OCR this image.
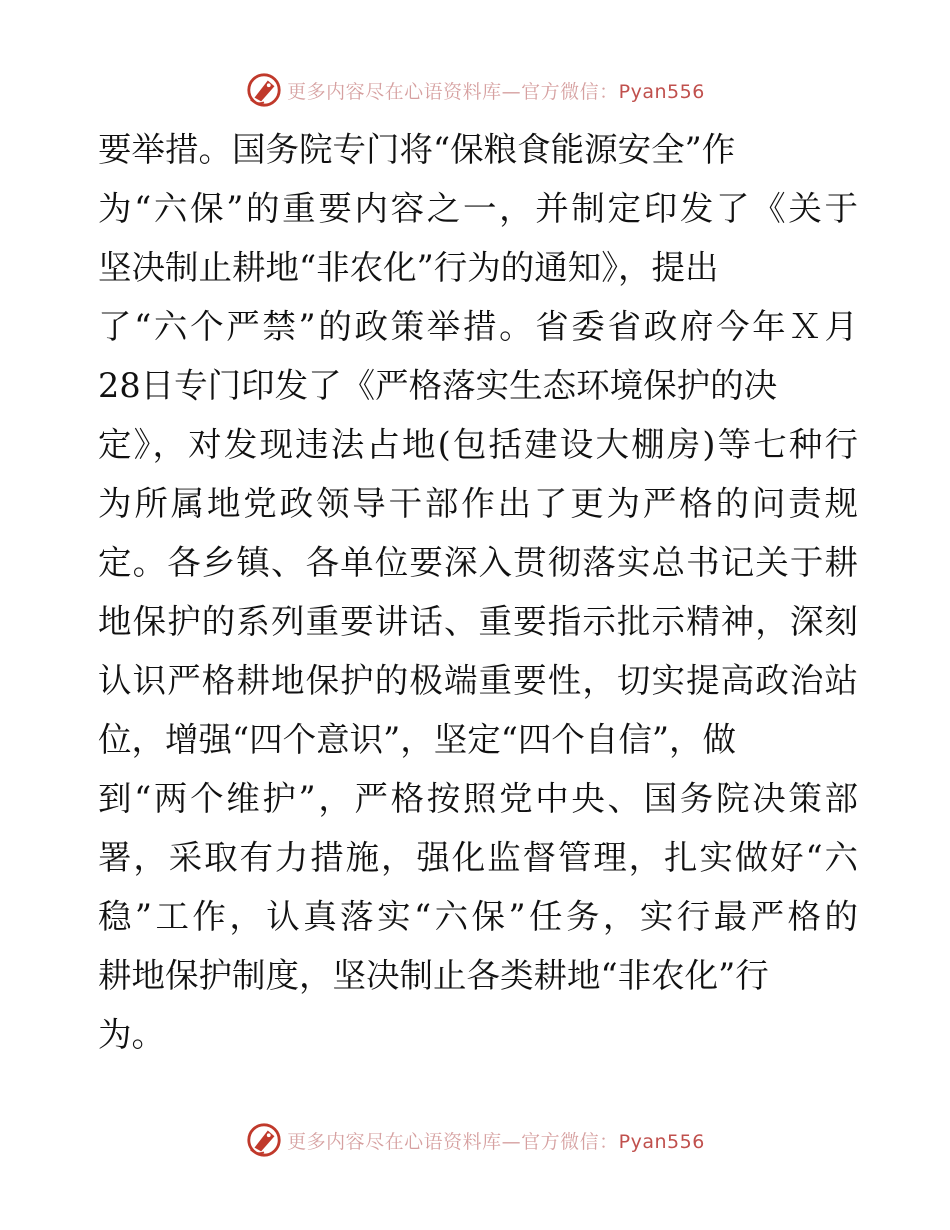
更多内容尽在心语资料库—官方微信：Pyan556
要举措。国务院专门将“保粮食能源安全”作
为“六保”的重要内容之一，并制定印发了《关于
坚决制止耕地“非农化”行为的通知》，提出
了“六个严禁”的政策举措。省委省政府今年Ｘ月
28日专门印发了《严格落实生态环境保护的决
定》，对发现违法占地(包括建设大棚房)等七种行
为所属地党政领导干部作出了更为严格的问责规
定。各乡镇、各单位要深入贯彻落实总书记关于耕
地保护的系列重要讲话、重要指示批示精神，深刻
认识严格耕地保护的极端重要性，切实提高政治站
位，增强“四个意识”，坚定“四个自信”，做
到“两个维护”，严格按照党中央、国务院决策部
署，采取有力措施，强化监督管理，扎实做好“六
稳”工作，认真落实“六保”任务，实行最严格的
耕地保护制度，坚决制止各类耕地“非农化”行
为。
更多内容尽在心语资料库—官方微信：Pyan556
